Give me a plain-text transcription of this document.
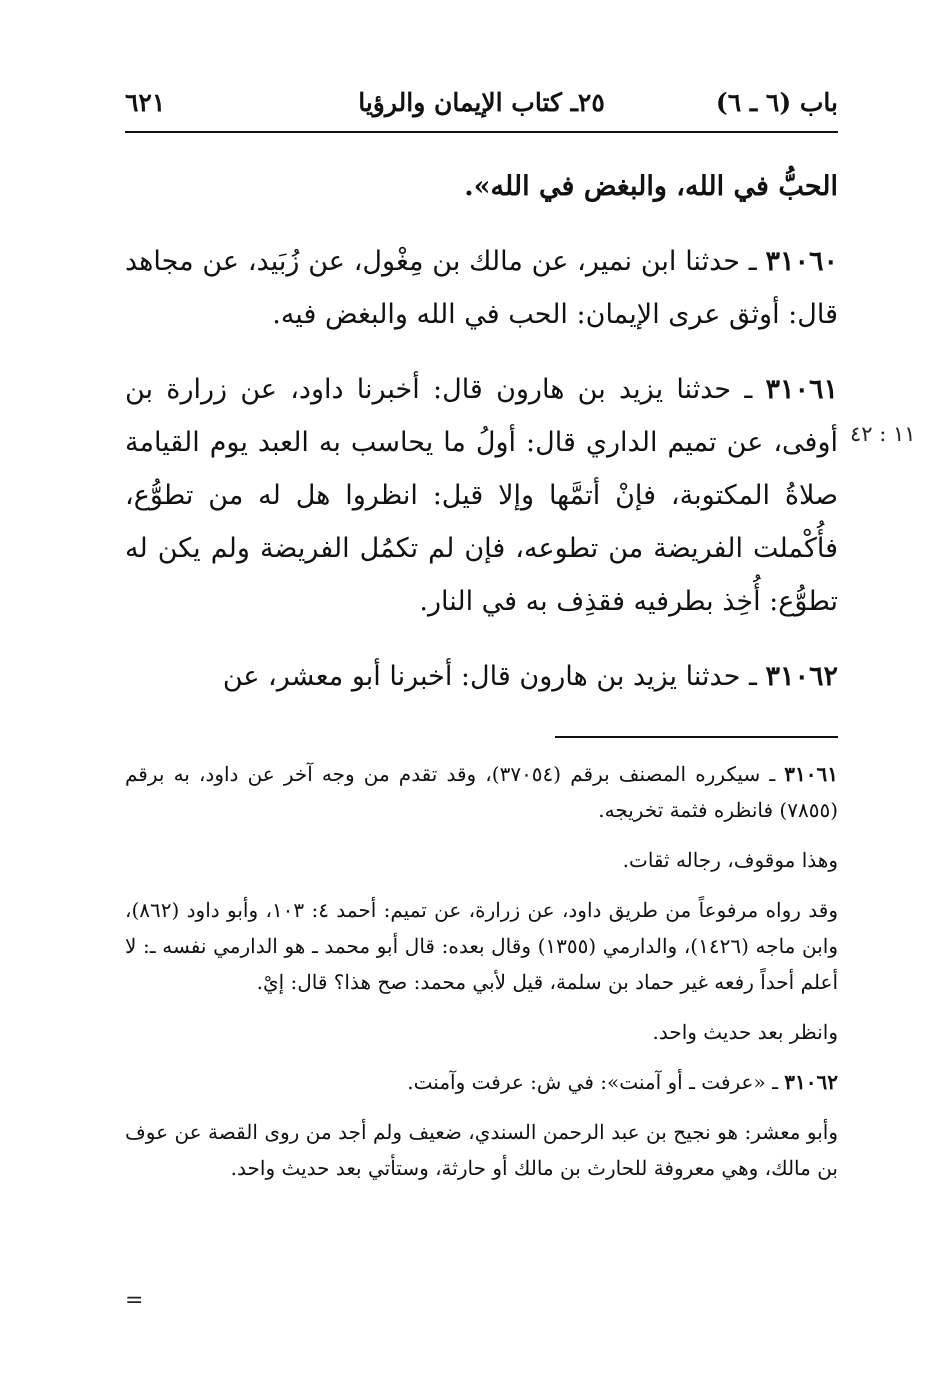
باب (٦ ـ ٦)
٢٥ـ كتاب الإيمان والرؤيا
٦٢١

الحبُّ في الله، والبغض في الله».

٣١٠٦٠ ـ حدثنا ابن نمير، عن مالك بن مِغْول، عن زُبَيد، عن مجاهد قال: أوثق عرى الإيمان: الحب في الله والبغض فيه.

٣١٠٦١ ـ حدثنا يزيد بن هارون قال: أخبرنا داود، عن زرارة بن أوفى، عن تميم الداري قال: أولُ ما يحاسب به العبد يوم القيامة صلاةُ المكتوبة، فإنْ أتمَّها وإلا قيل: انظروا هل له من تطوُّع، فأُكْملت الفريضة من تطوعه، فإن لم تكمُل الفريضة ولم يكن له تطوُّع: أُخِذ بطرفيه فقذِف به في النار.

٣١٠٦٢ ـ حدثنا يزيد بن هارون قال: أخبرنا أبو معشر، عن

١١ : ٤٢

٣١٠٦١ ـ سيكرره المصنف برقم (٣٧٠٥٤)، وقد تقدم من وجه آخر عن داود، به برقم (٧٨٥٥) فانظره فثمة تخريجه.

وهذا موقوف، رجاله ثقات.

وقد رواه مرفوعاً من طريق داود، عن زرارة، عن تميم: أحمد ٤: ١٠٣، وأبو داود (٨٦٢)، وابن ماجه (١٤٢٦)، والدارمي (١٣٥٥) وقال بعده: قال أبو محمد ـ هو الدارمي نفسه ـ: لا أعلم أحداً رفعه غير حماد بن سلمة، قيل لأبي محمد: صح هذا؟ قال: إيْ.

وانظر بعد حديث واحد.

٣١٠٦٢ ـ «عرفت ـ أو آمنت»: في ش: عرفت وآمنت.

وأبو معشر: هو نجيح بن عبد الرحمن السندي، ضعيف ولم أجد من روى القصة عن عوف بن مالك، وهي معروفة للحارث بن مالك أو حارثة، وستأتي بعد حديث واحد.

=
